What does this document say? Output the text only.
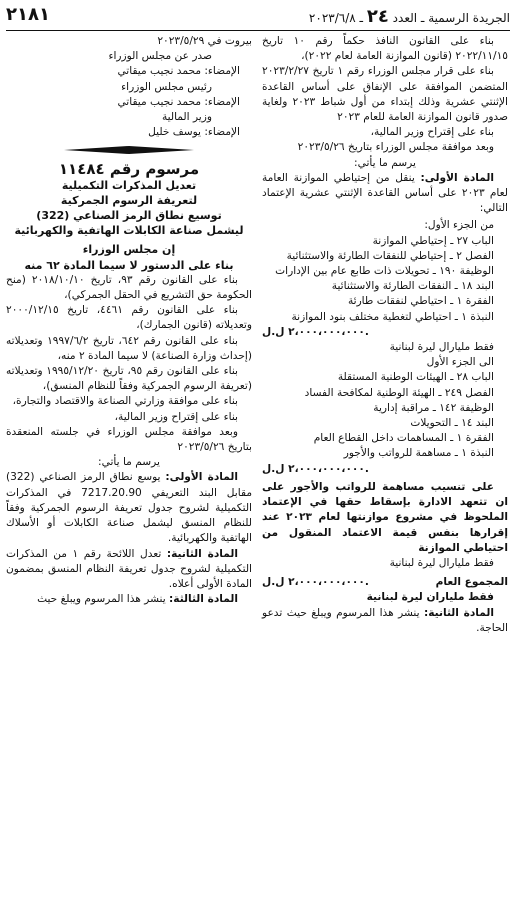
الجريدة الرسمية ـ العدد ٢٤ ـ ٢٠٢٣/٦/٨
٢١٨١

بناء على القانون النافذ حكماً رقم ١٠ تاريخ ٢٠٢٢/١١/١٥ (قانون الموازنة العامة لعام ٢٠٢٢)،

بناء على قرار مجلس الوزراء رقم ١ تاريخ ٢٠٢٣/٢/٢٧ المتضمن الموافقة على الإنفاق على أساس القاعدة الإثنتي عشرية وذلك إبتداء من أول شباط ٢٠٢٣ ولغاية صدور قانون الموازنة العامة للعام ٢٠٢٣

بناء على إقتراح وزير المالية،

وبعد موافقة مجلس الوزراء بتاريخ ٢٠٢٣/٥/٢٦

يرسم ما يأتي:

المادة الأولى: ينقل من إحتياطي الموازنة العامة لعام ٢٠٢٣ على أساس القاعدة الإثنتي عشرية الإعتماد التالي:

من الجزء الأول:

الباب ٢٧ ـ إحتياطي الموازنة

الفصل ٢ ـ إحتياطي للنفقات الطارئة والاستثنائية

الوظيفة ١٩٠ ـ تحويلات ذات طابع عام بين الإدارات

البند ١٨ ـ النفقات الطارئة والاستثنائية

الفقرة ١ ـ احتياطي لنفقات طارئة

النبذة ١ ـ احتياطي لتغطية مختلف بنود الموازنة

٢،٠٠٠،٠٠٠،٠٠٠ ل.ل.

فقط مليارال ليرة لبنانية

الى الجزء الأول

الباب ٢٨ ـ الهيئات الوطنية المستقلة

الفصل ٢٤٩ ـ الهيئة الوطنية لمكافحة الفساد

الوظيفة ١٤٢ ـ مراقبة إدارية

البند ١٤ ـ التحويلات

الفقرة ١ ـ المساهمات داخل القطاع العام

النبذة ١ ـ مساهمة للرواتب والأجور

٢،٠٠٠،٠٠٠،٠٠٠ ل.ل.

على تنسيب مساهمة للرواتب والأجور على ان تتعهد الادارة بإسقاط حقها في الإعتماد الملحوظ في مشروع موازنتها لعام ٢٠٢٣ عند إقرارها بنفس قيمة الاعتماد المنقول من احتياطي الموازنة

فقط مليارال ليرة لبنانية

المجموع العام
٢،٠٠٠،٠٠٠،٠٠٠ ل.ل.

فقط ملياران ليرة لبنانية

المادة الثانية: ينشر هذا المرسوم ويبلغ حيث تدعو الحاجة.

بيروت في ٢٠٢٣/٥/٢٩

صدر عن مجلس الوزراء

الإمضاء: محمد نجيب ميقاتي

رئيس مجلس الوزراء

الإمضاء: محمد نجيب ميقاتي

وزير المالية

الإمضاء: يوسف خليل

مرسوم رقم ١١٤٨٤

تعديل المذكرات التكميلية

لتعريفة الرسوم الجمركية

توسيع نطاق الرمز الصناعي (322)

ليشمل صناعة الكابلات الهاتفية والكهربائية

إن مجلس الوزراء

بناء على الدستور لا سيما المادة ٦٢ منه

بناء على القانون رقم ٩٣، تاريخ ٢٠١٨/١٠/١٠ (منح الحكومة حق التشريع في الحقل الجمركي)،

بناء على القانون رقم ٤٤٦١، تاريخ ٢٠٠٠/١٢/١٥ وتعديلاته (قانون الجمارك)،

بناء على القانون رقم ٦٤٢، تاريخ ١٩٩٧/٦/٢ وتعديلاته (إحداث وزارة الصناعة) لا سيما المادة ٢ منه،

بناء على القانون رقم ٩٥، تاريخ ١٩٩٥/١٢/٢٠ وتعديلاته (تعريفة الرسوم الجمركية وفقاً للنظام المنسق)،

بناء على موافقة وزارتي الصناعة والاقتصاد والتجارة،

بناء على إقتراح وزير المالية،

وبعد موافقة مجلس الوزراء في جلسته المنعقدة بتاريخ ٢٠٢٣/٥/٢٦

يرسم ما يأتي:

المادة الأولى: يوسع نطاق الرمز الصناعي (322) مقابل البند التعريفي 7217.20.90 في المذكرات التكميلية لشروح جدول تعريفة الرسوم الجمركية وفقاً للنظام المنسق ليشمل صناعة الكابلات أو الأسلاك الهاتفية والكهربائية.

المادة الثانية: تعدل اللائحة رقم ١ من المذكرات التكميلية لشروح جدول تعريفة النظام المنسق بمضمون المادة الأولى أعلاه.

المادة الثالثة: ينشر هذا المرسوم ويبلغ حيث
